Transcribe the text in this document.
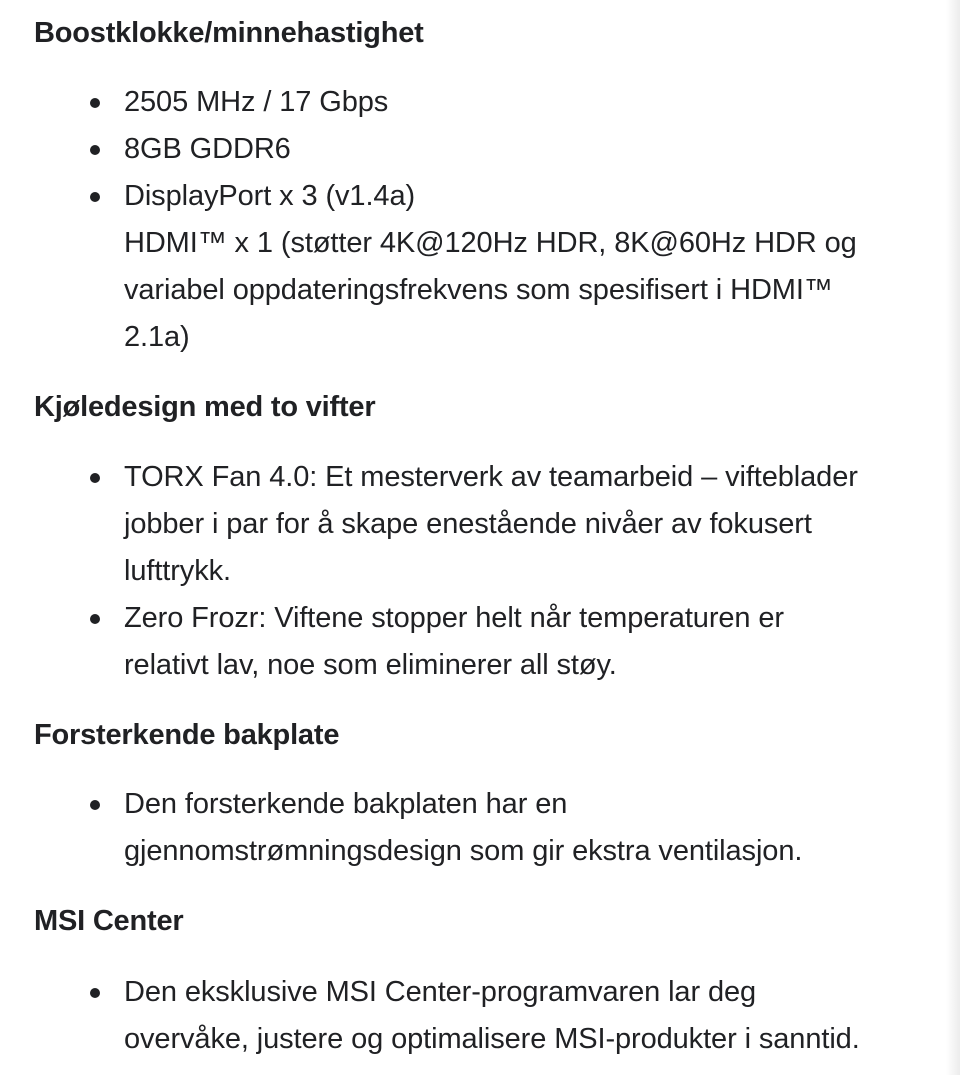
Boostklokke/minnehastighet
2505 MHz / 17 Gbps
8GB GDDR6
DisplayPort x 3 (v1.4a)
HDMI™ x 1 (støtter 4K@120Hz HDR, 8K@60Hz HDR og
variabel oppdateringsfrekvens som spesifisert i HDMI™
2.1a)
Kjøledesign med to vifter
TORX Fan 4.0: Et mesterverk av teamarbeid – vifteblader
jobber i par for å skape enestående nivåer av fokusert
lufttrykk.
Zero Frozr: Viftene stopper helt når temperaturen er
relativt lav, noe som eliminerer all støy.
Forsterkende bakplate
Den forsterkende bakplaten har en
gjennomstrømningsdesign som gir ekstra ventilasjon.
MSI Center
Den eksklusive MSI Center-programvaren lar deg
overvåke, justere og optimalisere MSI-produkter i sanntid.
